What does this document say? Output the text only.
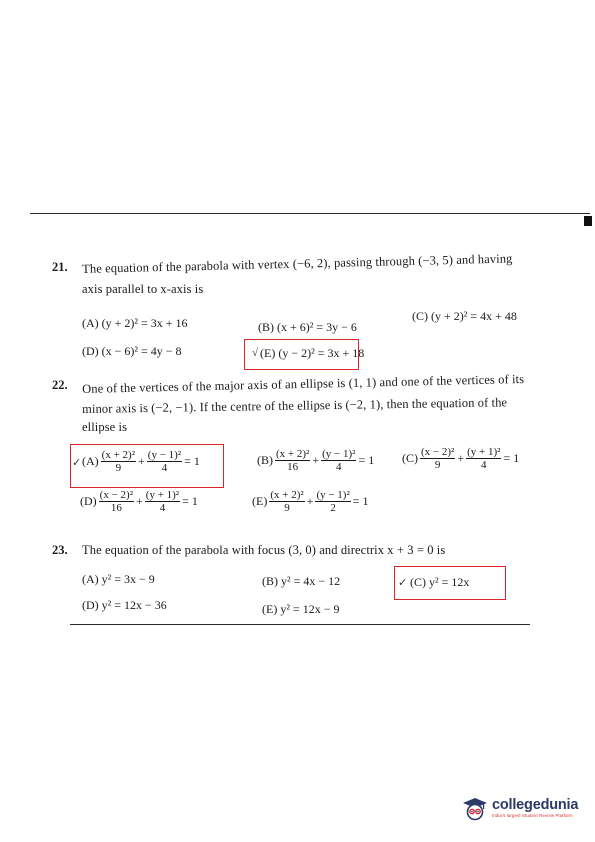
21. The equation of the parabola with vertex (−6, 2), passing through (−3, 5) and having
axis parallel to x-axis is
(A) (y + 2)² = 3x + 16	(B) (x + 6)² = 3y − 6
(C) (y + 2)² = 4x + 48
(D) (x − 6)² = 4y − 8	√ (E) (y − 2)² = 3x + 18
22. One of the vertices of the major axis of an ellipse is (1, 1) and one of the vertices of its
minor axis is (−2, −1). If the centre of the ellipse is (−2, 1), then the equation of the
ellipse is
✓ $(A) \frac{\text{(x + 2)²}}{9} + \frac{\text{(y − 1)²}}{4} = 1$	$(B) \frac{\text{(x + 2)²}}{16} + \frac{\text{(y − 1)²}}{4} = 1$ $(C) \frac{\text{(x − 2)²}}{9} + \frac{\text{(y + 1)²}}{4} = 1$
$(D) \frac{\text{(x − 2)²}}{16} + \frac{\text{(y + 1)²}}{4} = 1$	$(E) \frac{\text{(x + 2)²}}{9} + \frac{\text{(y − 1)²}}{2} = 1$
23. The equation of the parabola with focus (3, 0) and directrix x + 3 = 0 is
(A) y² = 3x − 9	(B) y² = 4x − 12	✓ (C) y² = 12x
(D) y² = 12x − 36	(E) y² = 12x − 9
collegedunia
India's largest Student Review Platform
